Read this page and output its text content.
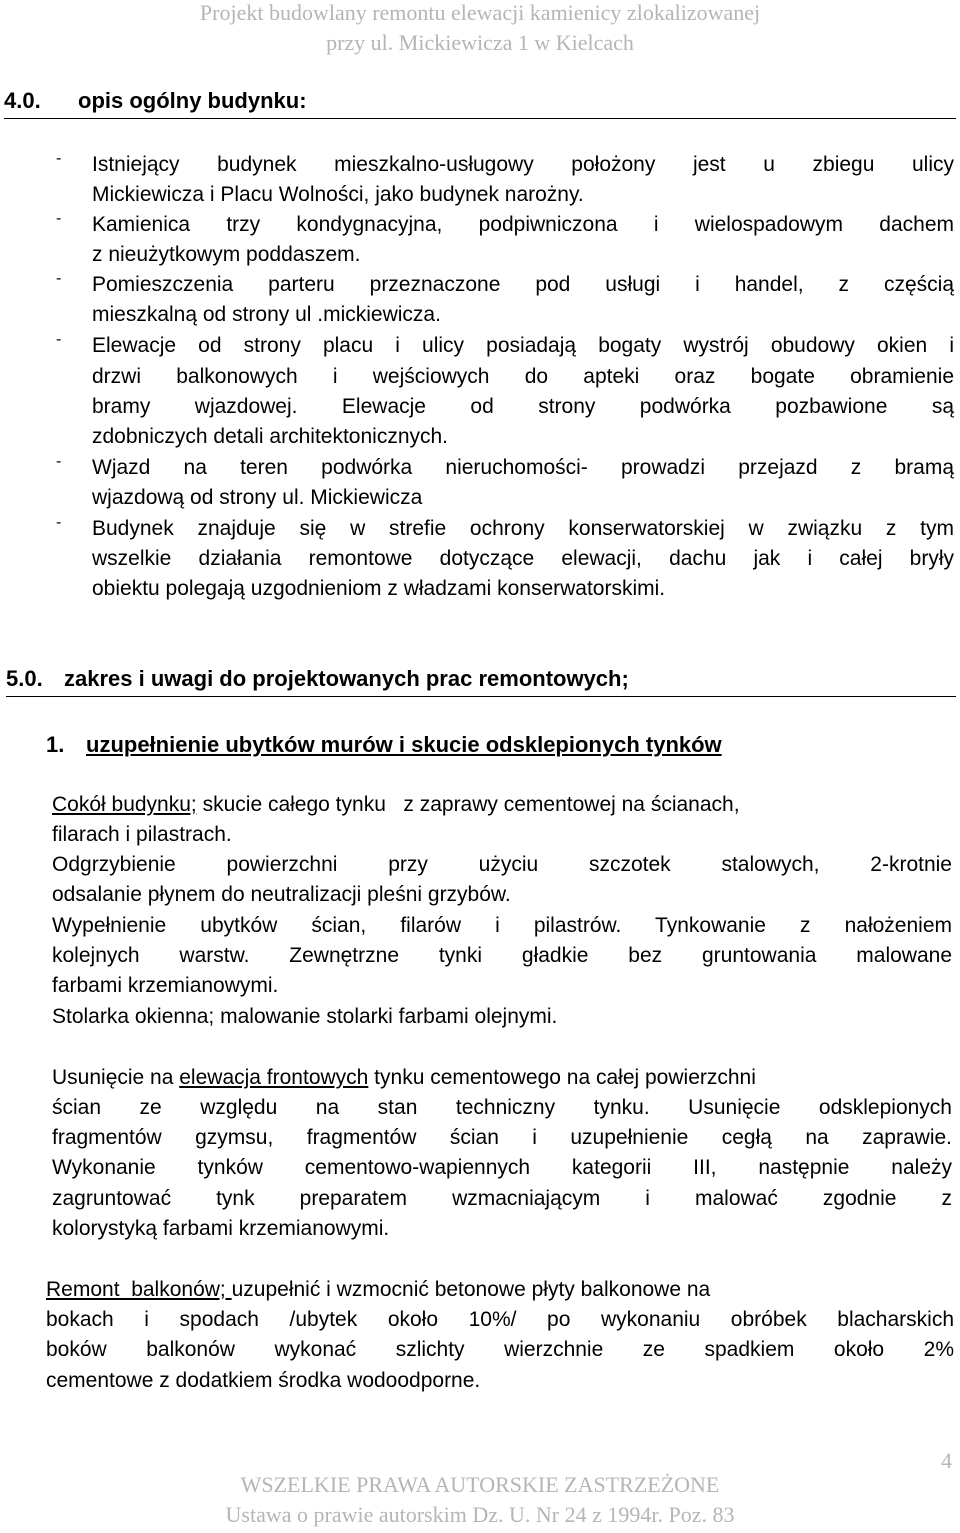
Projekt budowlany remontu elewacji kamienicy zlokalizowanej
przy ul. Mickiewicza 1 w Kielcach
4.0. opis ogólny budynku:
- Istniejący budynek mieszkalno-usługowy położony jest u zbiegu ulicy
Mickiewicza i Placu Wolności, jako budynek narożny.
- Kamienica trzy kondygnacyjna, podpiwniczona i wielospadowym dachem
z nieużytkowym poddaszem.
- Pomieszczenia parteru przeznaczone pod usługi i handel, z częścią
mieszkalną od strony ul .mickiewicza.
- Elewacje od strony placu i ulicy posiadają bogaty wystrój obudowy okien i
drzwi balkonowych i wejściowych do apteki oraz bogate obramienie
bramy wjazdowej. Elewacje od strony podwórka pozbawione są
zdobniczych detali architektonicznych.
- Wjazd na teren podwórka nieruchomości- prowadzi przejazd z bramą
wjazdową od strony ul. Mickiewicza
- Budynek znajduje się w strefie ochrony konserwatorskiej w związku z tym
wszelkie działania remontowe dotyczące elewacji, dachu jak i całej bryły
obiektu polegają uzgodnieniom z władzami konserwatorskimi.
5.0. zakres i uwagi do projektowanych prac remontowych;
1. uzupełnienie ubytków murów i skucie odsklepionych tynków
Cokół budynku; skucie całego tynku   z zaprawy cementowej na ścianach,
filarach i pilastrach.
Odgrzybienie powierzchni przy użyciu szczotek stalowych, 2-krotnie
odsalanie płynem do neutralizacji pleśni grzybów.
Wypełnienie ubytków ścian, filarów i pilastrów. Tynkowanie z nałożeniem
kolejnych warstw. Zewnętrzne tynki gładkie bez gruntowania malowane
farbami krzemianowymi.
Stolarka okienna; malowanie stolarki farbami olejnymi.
Usunięcie na elewacja frontowych tynku cementowego na całej powierzchni
ścian ze względu na stan techniczny tynku. Usunięcie odsklepionych
fragmentów gzymsu, fragmentów ścian i uzupełnienie cegłą na zaprawie.
Wykonanie tynków cementowo-wapiennych kategorii III, następnie należy
zagruntować tynk preparatem wzmacniającym i malować zgodnie z
kolorystyką farbami krzemianowymi.
Remont  balkonów; uzupełnić i wzmocnić betonowe płyty balkonowe na
bokach i spodach /ubytek około 10%/ po wykonaniu obróbek blacharskich
boków balkonów wykonać szlichty wierzchnie ze spadkiem około 2%
cementowe z dodatkiem środka wodoodporne.
4
WSZELKIE PRAWA AUTORSKIE ZASTRZEŻONE
Ustawa o prawie autorskim Dz. U. Nr 24 z 1994r. Poz. 83
